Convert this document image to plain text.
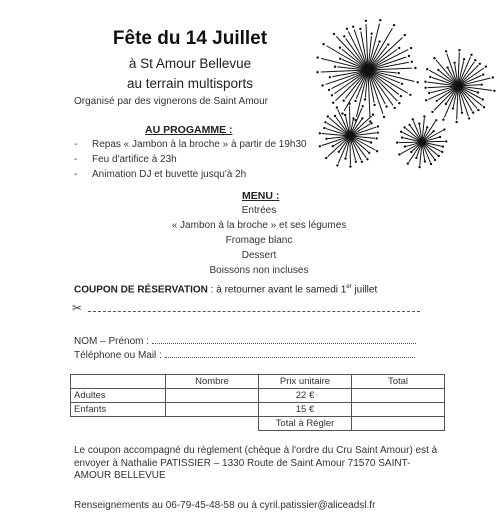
Fête du 14 Juillet
à St Amour Bellevue
au terrain multisports
Organisé par des vignerons de Saint Amour
AU PROGAMME :
- Repas « Jambon à la broche » à partir de 19h30
- Feu d'artifice à 23h
- Animation DJ et buvette jusqu'à 2h
MENU :
Entrées
« Jambon à la broche » et ses légumes
Fromage blanc
Dessert
Boissons non incluses
COUPON DE RÉSERVATION : à retourner avant le samedi 1er juillet
✂
NOM – Prénom :
Téléphone ou Mail :
	Nombre	Prix unitaire	Total
Adultes		22 €	
Enfants		15 €	
		Total à Régler	
Le coupon accompagné du règlement (chèque à l'ordre du Cru Saint Amour) est à envoyer à Nathalie PATISSIER – 1330 Route de Saint Amour 71570 SAINT-AMOUR BELLEVUE
Renseignements au 06-79-45-48-58 ou à cyril.patissier@aliceadsl.fr
